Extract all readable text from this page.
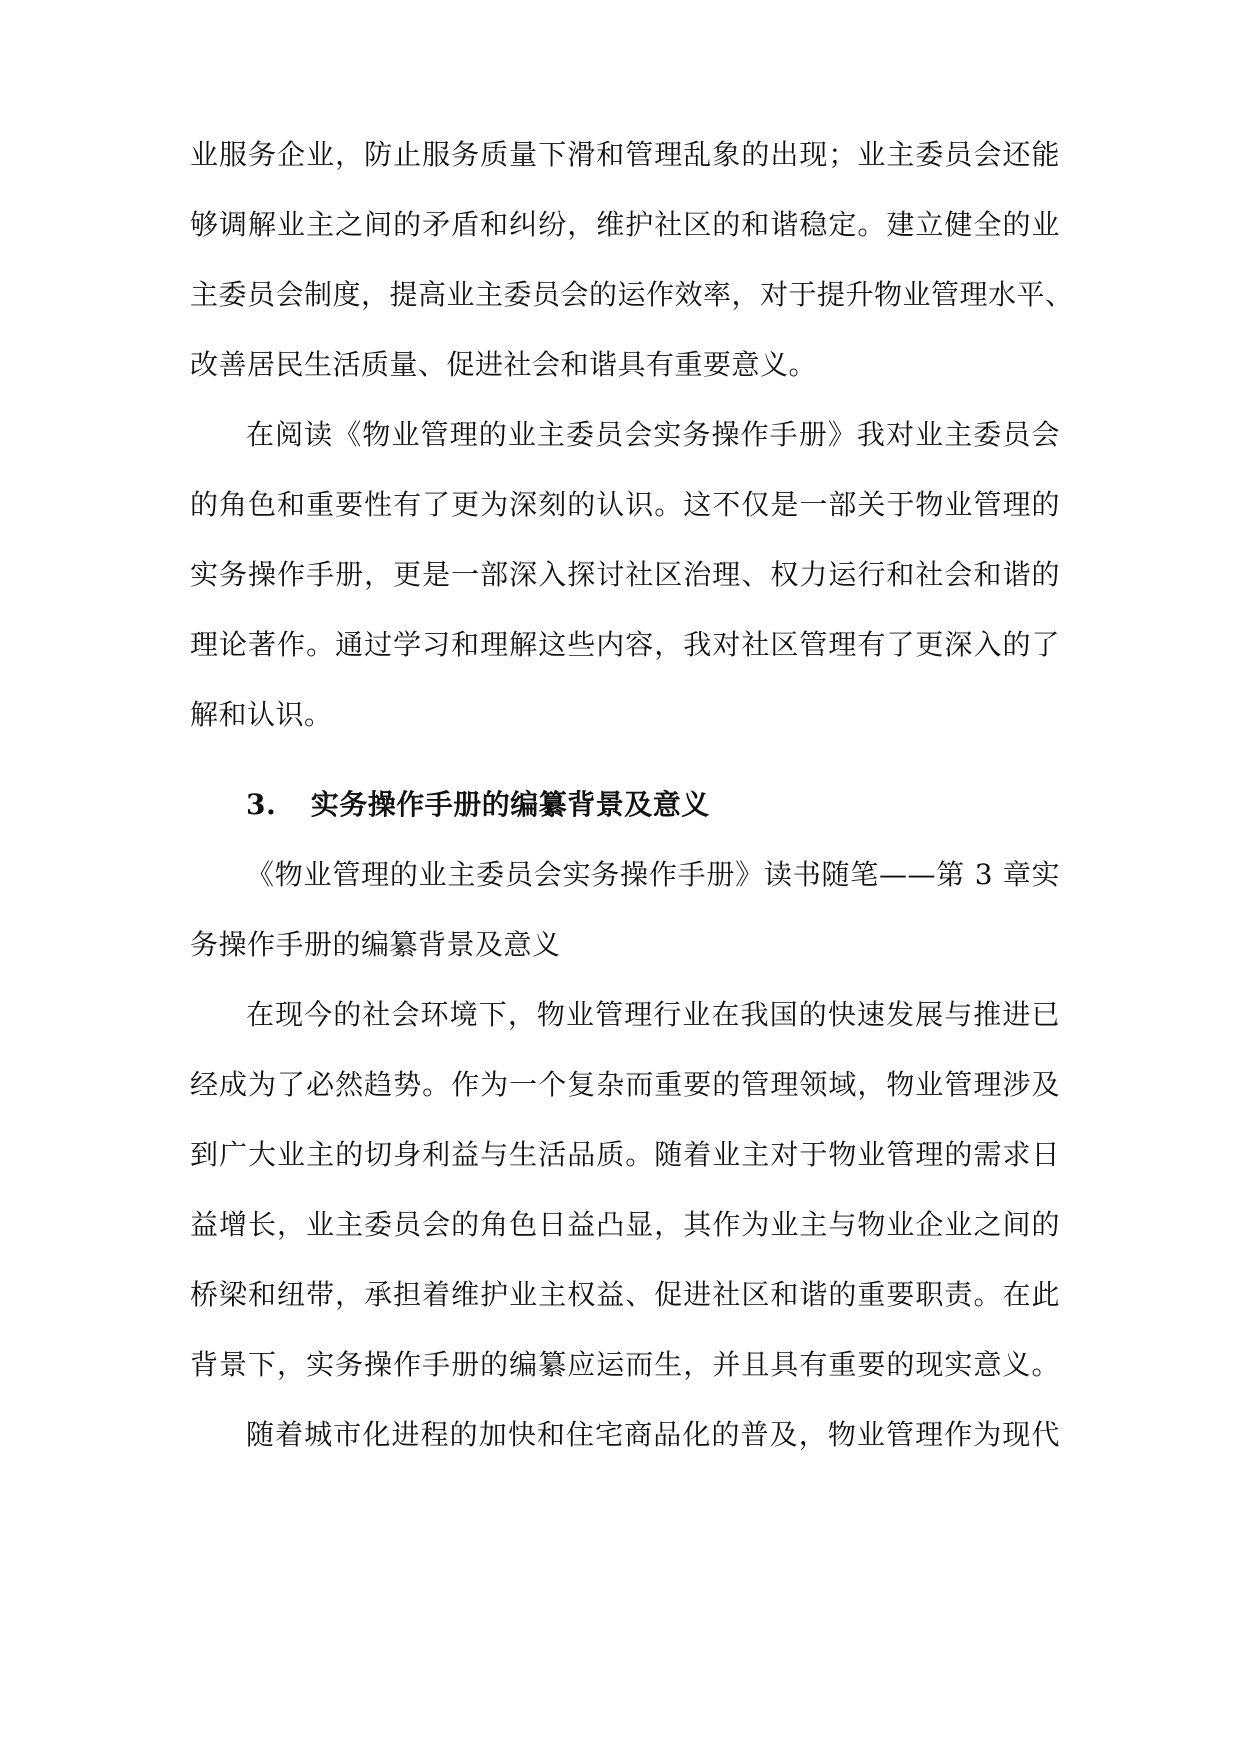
业服务企业，防止服务质量下滑和管理乱象的出现；业主委员会还能
够调解业主之间的矛盾和纠纷，维护社区的和谐稳定。建立健全的业
主委员会制度，提高业主委员会的运作效率，对于提升物业管理水平、
改善居民生活质量、促进社会和谐具有重要意义。
在阅读《物业管理的业主委员会实务操作手册》我对业主委员会
的角色和重要性有了更为深刻的认识。这不仅是一部关于物业管理的
实务操作手册，更是一部深入探讨社区治理、权力运行和社会和谐的
理论著作。通过学习和理解这些内容，我对社区管理有了更深入的了
解和认识。
3. 实务操作手册的编纂背景及意义
《物业管理的业主委员会实务操作手册》读书随笔——第 3 章实
务操作手册的编纂背景及意义
在现今的社会环境下，物业管理行业在我国的快速发展与推进已
经成为了必然趋势。作为一个复杂而重要的管理领域，物业管理涉及
到广大业主的切身利益与生活品质。随着业主对于物业管理的需求日
益增长，业主委员会的角色日益凸显，其作为业主与物业企业之间的
桥梁和纽带，承担着维护业主权益、促进社区和谐的重要职责。在此
背景下，实务操作手册的编纂应运而生，并且具有重要的现实意义。
随着城市化进程的加快和住宅商品化的普及，物业管理作为现代
